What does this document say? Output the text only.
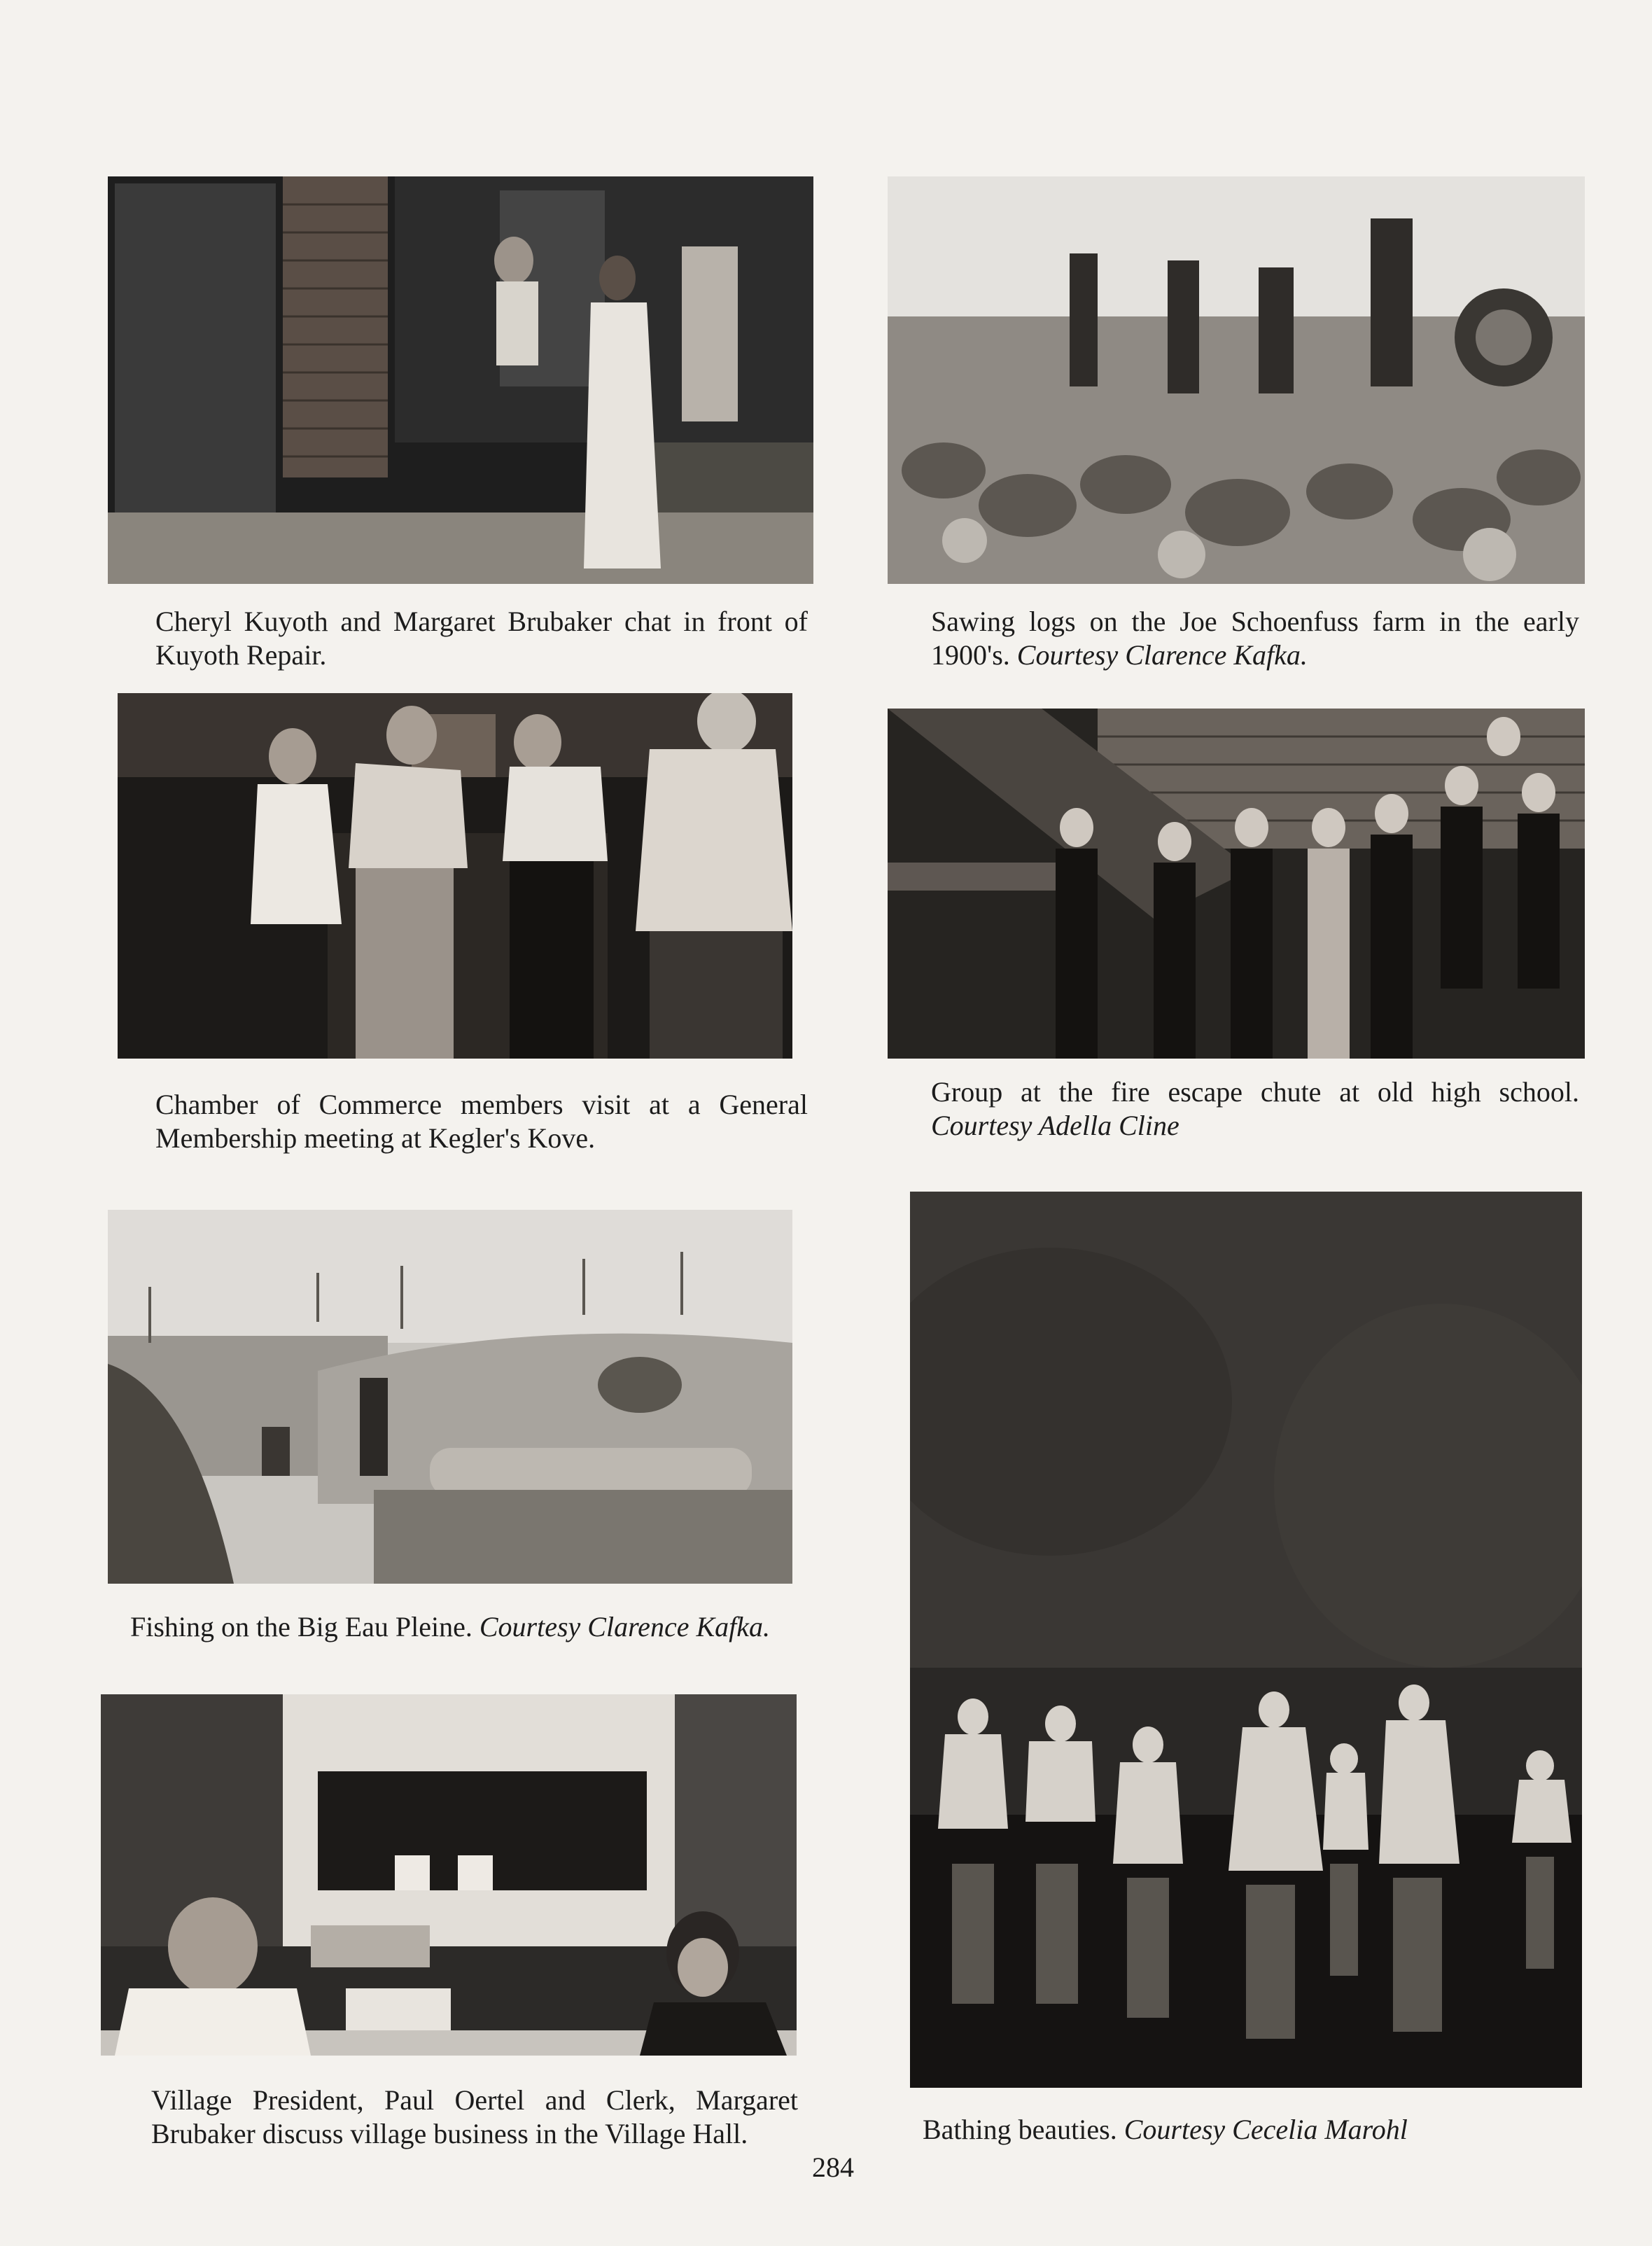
Cheryl Kuyoth and Margaret Brubaker chat in front of Kuyoth Repair.
Sawing logs on the Joe Schoenfuss farm in the early 1900's. Courtesy Clarence Kafka.
Chamber of Commerce members visit at a General Membership meeting at Kegler's Kove.
Group at the fire escape chute at old high school. Courtesy Adella Cline
Fishing on the Big Eau Pleine. Courtesy Clarence Kafka.
Bathing beauties. Courtesy Cecelia Marohl
Village President, Paul Oertel and Clerk, Margaret Brubaker discuss village business in the Village Hall.
284
